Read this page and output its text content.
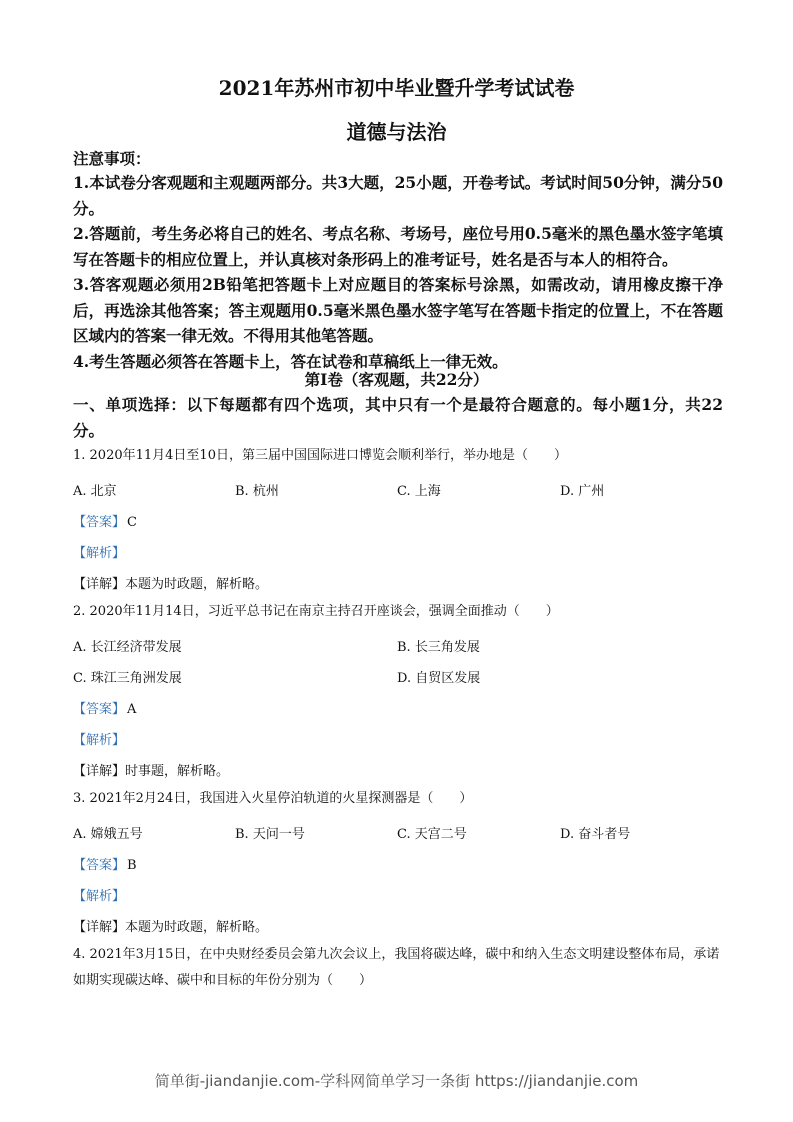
2021年苏州市初中毕业暨升学考试试卷
道德与法治
注意事项：

1.本试卷分客观题和主观题两部分。共3大题，25小题，开卷考试。考试时间50分钟，满分50分。

2.答题前，考生务必将自己的姓名、考点名称、考场号，座位号用0.5毫米的黑色墨水签字笔填写在答题卡的相应位置上，并认真核对条形码上的准考证号，姓名是否与本人的相符合。

3.答客观题必须用2B铅笔把答题卡上对应题目的答案标号涂黑，如需改动，请用橡皮擦干净后，再选涂其他答案；答主观题用0.5毫米黑色墨水签字笔写在答题卡指定的位置上，不在答题区域内的答案一律无效。不得用其他笔答题。

4.考生答题必须答在答题卡上，答在试卷和草稿纸上一律无效。

第I卷（客观题，共22分）
一、单项选择：以下每题都有四个选项，其中只有一个是最符合题意的。每小题1分，共22分。
1. 2020年11月4日至10日，第三届中国国际进口博览会顺利举行，举办地是（　　）
A. 北京	B. 杭州	C. 上海	D. 广州
【答案】 C
【解析】
【详解】本题为时政题，解析略。
2. 2020年11月14日，习近平总书记在南京主持召开座谈会，强调全面推动（　　）
A. 长江经济带发展	B. 长三角发展
C. 珠江三角洲发展	D. 自贸区发展
【答案】 A
【解析】
【详解】时事题，解析略。
3. 2021年2月24日，我国进入火星停泊轨道的火星探测器是（　　）
A. 嫦娥五号	B. 天问一号	C. 天宫二号	D. 奋斗者号
【答案】 B
【解析】
【详解】本题为时政题，解析略。
4. 2021年3月15日，在中央财经委员会第九次会议上，我国将碳达峰，碳中和纳入生态文明建设整体布局，承诺如期实现碳达峰、碳中和目标的年份分别为（　　）
简单街-jiandanjie.com-学科网简单学习一条街 https://jiandanjie.com
